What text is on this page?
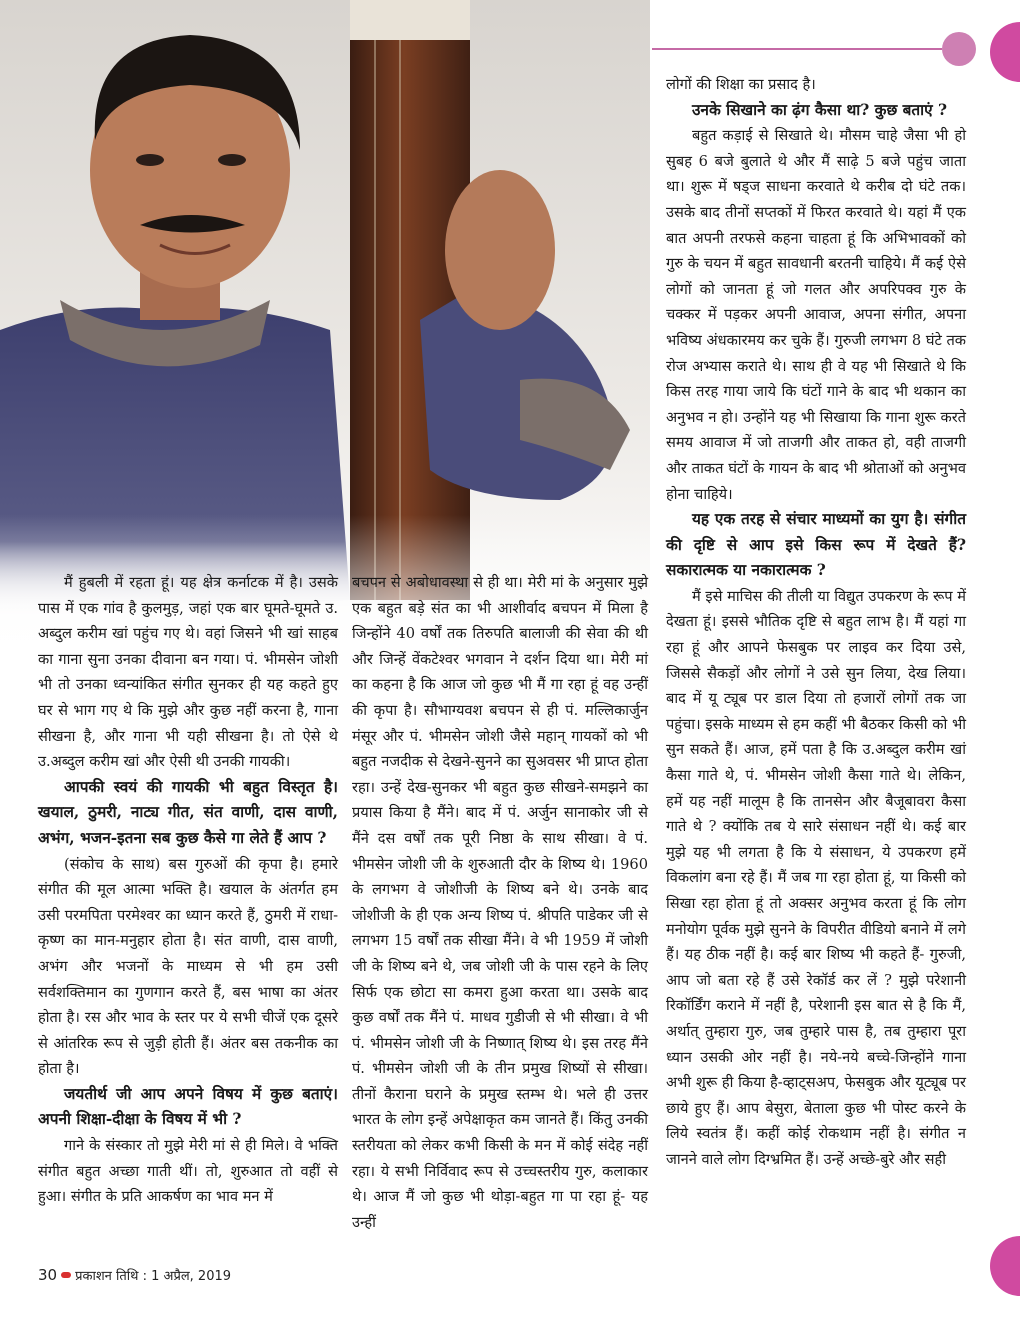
मैं हुबली में रहता हूं। यह क्षेत्र कर्नाटक में है। उसके पास में एक गांव है कुलमुड़, जहां एक बार घूमते-घूमते उ. अब्दुल करीम खां पहुंच गए थे। वहां जिसने भी खां साहब का गाना सुना उनका दीवाना बन गया। पं. भीमसेन जोशी भी तो उनका ध्वन्यांकित संगीत सुनकर ही यह कहते हुए घर से भाग गए थे कि मुझे और कुछ नहीं करना है, गाना सीखना है, और गाना भी यही सीखना है। तो ऐसे थे उ.अब्दुल करीम खां और ऐसी थी उनकी गायकी।

आपकी स्वयं की गायकी भी बहुत विस्तृत है। खयाल, ठुमरी, नाट्य गीत, संत वाणी, दास वाणी, अभंग, भजन-इतना सब कुछ कैसे गा लेते हैं आप ?

(संकोच के साथ) बस गुरुओं की कृपा है। हमारे संगीत की मूल आत्मा भक्ति है। खयाल के अंतर्गत हम उसी परमपिता परमेश्वर का ध्यान करते हैं, ठुमरी में राधा-कृष्ण का मान-मनुहार होता है। संत वाणी, दास वाणी, अभंग और भजनों के माध्यम से भी हम उसी सर्वशक्तिमान का गुणगान करते हैं, बस भाषा का अंतर होता है। रस और भाव के स्तर पर ये सभी चीजें एक दूसरे से आंतरिक रूप से जुड़ी होती हैं। अंतर बस तकनीक का होता है।

जयतीर्थ जी आप अपने विषय में कुछ बताएं। अपनी शिक्षा-दीक्षा के विषय में भी ?

गाने के संस्कार तो मुझे मेरी मां से ही मिले। वे भक्ति संगीत बहुत अच्छा गाती थीं। तो, शुरुआत तो वहीं से हुआ। संगीत के प्रति आकर्षण का भाव मन में

बचपन से अबोधावस्था से ही था। मेरी मां के अनुसार मुझे एक बहुत बड़े संत का भी आशीर्वाद बचपन में मिला है जिन्होंने 40 वर्षों तक तिरुपति बालाजी की सेवा की थी और जिन्हें वेंकटेश्वर भगवान ने दर्शन दिया था। मेरी मां का कहना है कि आज जो कुछ भी मैं गा रहा हूं वह उन्हीं की कृपा है। सौभाग्यवश बचपन से ही पं. मल्लिकार्जुन मंसूर और पं. भीमसेन जोशी जैसे महान् गायकों को भी बहुत नजदीक से देखने-सुनने का सुअवसर भी प्राप्त होता रहा। उन्हें देख-सुनकर भी बहुत कुछ सीखने-समझने का प्रयास किया है मैंने। बाद में पं. अर्जुन सानाकोर जी से मैंने दस वर्षों तक पूरी निष्ठा के साथ सीखा। वे पं. भीमसेन जोशी जी के शुरुआती दौर के शिष्य थे। 1960 के लगभग वे जोशीजी के शिष्य बने थे। उनके बाद जोशीजी के ही एक अन्य शिष्य पं. श्रीपति पाडेकर जी से लगभग 15 वर्षों तक सीखा मैंने। वे भी 1959 में जोशी जी के शिष्य बने थे, जब जोशी जी के पास रहने के लिए सिर्फ एक छोटा सा कमरा हुआ करता था। उसके बाद कुछ वर्षों तक मैंने पं. माधव गुडीजी से भी सीखा। वे भी पं. भीमसेन जोशी जी के निष्णात् शिष्य थे। इस तरह मैंने पं. भीमसेन जोशी जी के तीन प्रमुख शिष्यों से सीखा। तीनों कैराना घराने के प्रमुख स्तम्भ थे। भले ही उत्तर भारत के लोग इन्हें अपेक्षाकृत कम जानते हैं। किंतु उनकी स्तरीयता को लेकर कभी किसी के मन में कोई संदेह नहीं रहा। ये सभी निर्विवाद रूप से उच्चस्तरीय गुरु, कलाकार थे। आज मैं जो कुछ भी थोड़ा-बहुत गा पा रहा हूं- यह उन्हीं

लोगों की शिक्षा का प्रसाद है।

उनके सिखाने का ढ़ंग कैसा था? कुछ बताएं ?

बहुत कड़ाई से सिखाते थे। मौसम चाहे जैसा भी हो सुबह 6 बजे बुलाते थे और मैं साढ़े 5 बजे पहुंच जाता था। शुरू में षड्ज साधना करवाते थे करीब दो घंटे तक। उसके बाद तीनों सप्तकों में फिरत करवाते थे। यहां मैं एक बात अपनी तरफसे कहना चाहता हूं कि अभिभावकों को गुरु के चयन में बहुत सावधानी बरतनी चाहिये। मैं कई ऐसे लोगों को जानता हूं जो गलत और अपरिपक्व गुरु के चक्कर में पड़कर अपनी आवाज, अपना संगीत, अपना भविष्य अंधकारमय कर चुके हैं। गुरुजी लगभग 8 घंटे तक रोज अभ्यास कराते थे। साथ ही वे यह भी सिखाते थे कि किस तरह गाया जाये कि घंटों गाने के बाद भी थकान का अनुभव न हो। उन्होंने यह भी सिखाया कि गाना शुरू करते समय आवाज में जो ताजगी और ताकत हो, वही ताजगी और ताकत घंटों के गायन के बाद भी श्रोताओं को अनुभव होना चाहिये।

यह एक तरह से संचार माध्यमों का युग है। संगीत की दृष्टि से आप इसे किस रूप में देखते हैं? सकारात्मक या नकारात्मक ?

मैं इसे माचिस की तीली या विद्युत उपकरण के रूप में देखता हूं। इससे भौतिक दृष्टि से बहुत लाभ है। मैं यहां गा रहा हूं और आपने फेसबुक पर लाइव कर दिया उसे, जिससे सैकड़ों और लोगों ने उसे सुन लिया, देख लिया। बाद में यू ट्यूब पर डाल दिया तो हजारों लोगों तक जा पहुंचा। इसके माध्यम से हम कहीं भी बैठकर किसी को भी सुन सकते हैं। आज, हमें पता है कि उ.अब्दुल करीम खां कैसा गाते थे, पं. भीमसेन जोशी कैसा गाते थे। लेकिन, हमें यह नहीं मालूम है कि तानसेन और बैजूबावरा कैसा गाते थे ? क्योंकि तब ये सारे संसाधन नहीं थे। कई बार मुझे यह भी लगता है कि ये संसाधन, ये उपकरण हमें विकलांग बना रहे हैं। मैं जब गा रहा होता हूं, या किसी को सिखा रहा होता हूं तो अक्सर अनुभव करता हूं कि लोग मनोयोग पूर्वक मुझे सुनने के विपरीत वीडियो बनाने में लगे हैं। यह ठीक नहीं है। कई बार शिष्य भी कहते हैं- गुरुजी, आप जो बता रहे हैं उसे रेकॉर्ड कर लें ? मुझे परेशानी रिकॉर्डिंग कराने में नहीं है, परेशानी इस बात से है कि मैं, अर्थात् तुम्हारा गुरु, जब तुम्हारे पास है, तब तुम्हारा पूरा ध्यान उसकी ओर नहीं है। नये-नये बच्चे-जिन्होंने गाना अभी शुरू ही किया है-व्हाट्सअप, फेसबुक और यूट्यूब पर छाये हुए हैं। आप बेसुरा, बेताला कुछ भी पोस्ट करने के लिये स्वतंत्र हैं। कहीं कोई रोकथाम नहीं है। संगीत न जानने वाले लोग दिग्भ्रमित हैं। उन्हें अच्छे-बुरे और सही

30 प्रकाशन तिथि : 1 अप्रैल, 2019
